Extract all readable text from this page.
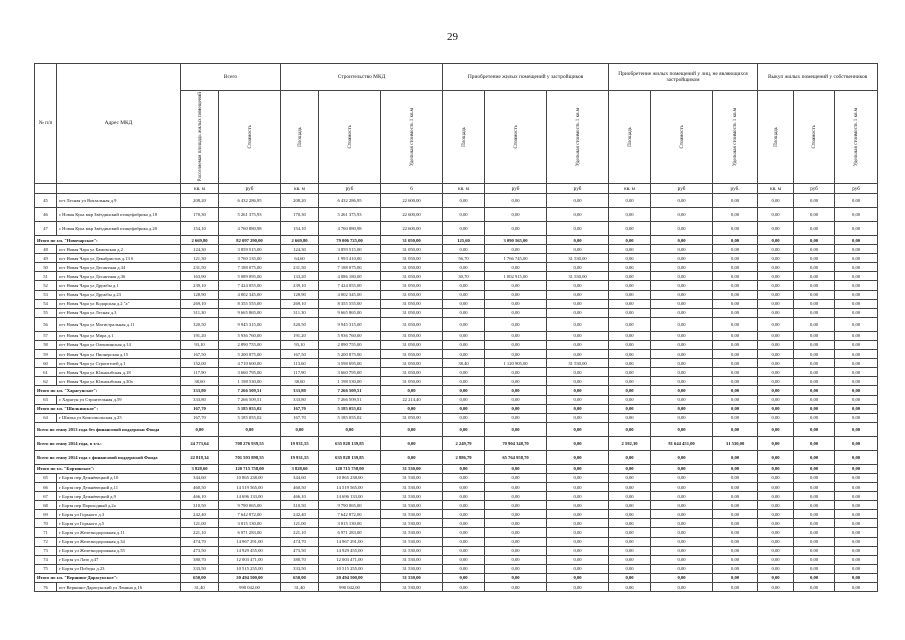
29
№ п/п	Адрес МКД	Всего		Строительство МКД			Приобретение жилых помещений у застройщиков			Приобретение жилых помещений у лиц, не являющихся застройщиком			Выкуп жилых помещений у собственников		

		Расселяемая площадь жилых помещений	Стоимость	Площадь	Стоимость	Удельная стоимость 1 кв.м	Площадь	Стоимость	Удельная стоимость 1 кв.м	Площадь	Стоимость	Удельная стоимость 1 кв.м	Площадь	Стоимость	Удельная стоимость 1 кв.м

		кв. м	руб	кв. м	руб	6	кв. м	руб	руб	кв. м	руб	руб.	кв. м	руб	руб
45	пгт Лесная ул Вокзальная д.9	208,20	6 432 286,95	208,20	6 432 286,95	22 600,00	0,00	0,00	0,00	0,00	0,00	0,00	0,00	0,00	0,00
46	с Новая Кука мкр Звёздинский птицефабрика д.18	170,30	5 261 375,93	170,30	5 261 375,93	22 600,00	0,00	0,00	0,00	0,00	0,00	0,00	0,00	0,00	0,00
47	с Новая Кука мкр Звёздинский птицефабрика д.20	154,10	4 760 880,98	154,10	4 760 880,98	22 600,00	0,00	0,00	0,00	0,00	0,00	0,00	0,00	0,00	0,00
Итого по г.п. "Новочарское":		2 669,80	82 097 290,00	2 669,80	79 006 725,00	31 050,00	125,60	3 090 565,00	0,00	0,00	0,00	0,00	0,00	0,00	0,00
48	пгт Новая Чара ул Бамовская д.2	124,30	3 859 515,00	124,30	3 859 515,00	31 050,00	0,00	0,00	0,00	0,00	0,00	0,00	0,00	0,00	0,00
49	пгт Новая Чара ул Декабристов д.13 б	121,30	3 760 135,00	64,60	1 993 410,00	31 050,00	56,70	1 766 745,00	31 530,00	0,00	0,00	0,00	0,00	0,00	0,00
50	пгт Новая Чара ул Десантная д.34	231,50	7 188 075,00	231,50	7 188 075,00	31 050,00	0,00	0,00	0,00	0,00	0,00	0,00	0,00	0,00	0,00
51	пгт Новая Чара ул Десантная д.36	163,90	5 089 095,00	133,20	4 086 180,00	31 050,00	30,70	1 002 915,00	31 530,00	0,00	0,00	0,00	0,00	0,00	0,00
52	пгт Новая Чара ул Дружбы д.1	239,10	7 424 055,00	239,10	7 424 055,00	31 050,00	0,00	0,00	0,00	0,00	0,00	0,00	0,00	0,00	0,00
53	пгт Новая Чара ул Дружбы д.23	128,90	4 002 345,00	128,90	4 002 345,00	31 050,00	0,00	0,00	0,00	0,00	0,00	0,00	0,00	0,00	0,00
54	пгт Новая Чара ул Кодарская д.2 "а"	269,10	8 355 555,00	269,10	8 355 555,00	31 050,00	0,00	0,00	0,00	0,00	0,00	0,00	0,00	0,00	0,00
55	пгт Новая Чара ул Лесная д.3	311,30	9 665 865,00	311,30	9 665 865,00	31 050,00	0,00	0,00	0,00	0,00	0,00	0,00	0,00	0,00	0,00
56	пгт Новая Чара ул Магистральная д.11	320,50	9 945 315,00	320,50	9 945 315,00	31 050,00	0,00	0,00	0,00	0,00	0,00	0,00	0,00	0,00	0,00
57	пгт Новая Чара ул Мира д.1	191,20	5 936 760,00	191,20	5 936 760,00	31 050,00	0,00	0,00	0,00	0,00	0,00	0,00	0,00	0,00	0,00
58	пгт Новая Чара ул Олекминская д.14	93,10	2 890 755,00	93,10	2 890 755,00	31 050,00	0,00	0,00	0,00	0,00	0,00	0,00	0,00	0,00	0,00
59	пгт Новая Чара ул Пионерская д.15	167,50	5 200 875,00	167,50	5 200 875,00	31 050,00	0,00	0,00	0,00	0,00	0,00	0,00	0,00	0,00	0,00
60	пгт Новая Чара ул Строителей д.1	152,00	4 719 600,00	113,60	3 598 695,00	31 050,00	38,40	1 120 905,00	31 530,00	0,00	0,00	0,00	0,00	0,00	0,00
61	пгт Новая Чара ул Южнонбская д.18	117,90	3 660 795,00	117,90	3 660 795,00	31 050,00	0,00	0,00	0,00	0,00	0,00	0,00	0,00	0,00	0,00
62	пгт Новая Чара ул Южнонбская д.30а	38,60	1 198 530,00	38,60	1 198 530,00	31 050,00	0,00	0,00	0,00	0,00	0,00	0,00	0,00	0,00	0,00
Итого по г.п. "Харагунское":		333,80	7 266 509,51	333,80	7 266 509,51	0,00	0,00	0,00	0,00	0,00	0,00	0,00	0,00	0,00	0,00
63	с Харагун ул Строительная д.59	333,80	7 266 509,51	333,80	7 266 509,51	22 214,40	0,00	0,00	0,00	0,00	0,00	0,00	0,00	0,00	0,00
Итого по г.п. "Шилкинское":		167,70	5 185 055,02	167,70	5 185 055,02	0,00	0,00	0,00	0,00	0,00	0,00	0,00	0,00	0,00	0,00
64	г Шилка ул Комсомольская д.25	167,70	5 185 055,02	167,70	5 185 055,02	31 050,00	0,00	0,00	0,00	0,00	0,00	0,00	0,00	0,00	0,00
Всего по этапу 2013 года без финансовой поддержки Фонда		0,00	0,00	0,00	0,00	0,00	0,00	0,00	0,00	0,00	0,00	0,00	0,00	0,00	0,00
Всего по этапу 2014 года, в т.ч.:		24 773,64	708 276 939,55	19 931,55	635 828 139,85	0,00	2 249,79	70 904 348,70	0,00	2 592,30	81 644 451,00	31 530,00	0,00	0,00	0,00
Всего по этапу 2014 года с финансовой поддержкой Фонда		22 818,34	701 593 898,55	19 931,55	635 828 139,85	0,00	2 886,79	65 764 958,70	0,00	0,00	0,00	0,00	0,00	0,00	0,00
Итого по г.о. "Борзинское":		3 828,60	120 715 758,00	3 828,60	120 715 758,00	31 530,00	0,00	0,00	0,00	0,00	0,00	0,00	0,00	0,00	0,00
65	г Борзя пер Дежнёвецкий д.10	344,60	10 865 238,00	344,60	10 865 238,00	31 530,00	0,00	0,00	0,00	0,00	0,00	0,00	0,00	0,00	0,00
66	г Борзя пер Дежнёвецкий д.11	460,50	14 519 565,00	460,50	14 519 565,00	31 530,00	0,00	0,00	0,00	0,00	0,00	0,00	0,00	0,00	0,00
67	г Борзя пер Дежнёвецкий д.9	466,10	14 696 133,00	466,10	14 696 133,00	31 530,00	0,00	0,00	0,00	0,00	0,00	0,00	0,00	0,00	0,00
68	г Борзя пер Пароходный д.2а	310,50	9 790 065,00	310,50	9 790 065,00	31 530,00	0,00	0,00	0,00	0,00	0,00	0,00	0,00	0,00	0,00
69	г Борзя ул Горького д.3	242,40	7 642 872,00	242,40	7 642 872,00	31 530,00	0,00	0,00	0,00	0,00	0,00	0,00	0,00	0,00	0,00
70	г Борзя ул Горького д.5	121,00	3 815 130,00	121,00	3 815 130,00	31 530,00	0,00	0,00	0,00	0,00	0,00	0,00	0,00	0,00	0,00
71	г Борзя ул Железнодорожная д.11	221,10	6 971 283,00	221,10	6 971 283,00	31 530,00	0,00	0,00	0,00	0,00	0,00	0,00	0,00	0,00	0,00
72	г Борзя ул Железнодорожная д.34	474,70	14 967 291,00	474,70	14 967 291,00	31 530,00	0,00	0,00	0,00	0,00	0,00	0,00	0,00	0,00	0,00
73	г Борзя ул Железнодорожная д.55	473,50	14 929 455,00	473,50	14 929 455,00	31 530,00	0,00	0,00	0,00	0,00	0,00	0,00	0,00	0,00	0,00
74	г Борзя ул Лазо д.47	380,70	12 003 471,00	380,70	12 003 471,00	31 530,00	0,00	0,00	0,00	0,00	0,00	0,00	0,00	0,00	0,00
75	г Борзя ул Победы д.23	333,50	10 515 255,00	333,50	10 515 255,00	31 530,00	0,00	0,00	0,00	0,00	0,00	0,00	0,00	0,00	0,00
Итого по г.п. "Вершино-Дарасунское":		650,00	20 494 500,00	650,00	20 494 500,00	31 530,00	0,00	0,00	0,00	0,00	0,00	0,00	0,00	0,00	0,00
76	пгт Вершино-Дарасунский ул Ленина д.16	31,40	990 042,00	31,40	990 042,00	31 530,00	0,00	0,00	0,00	0,00	0,00	0,00	0,00	0,00	0,00
